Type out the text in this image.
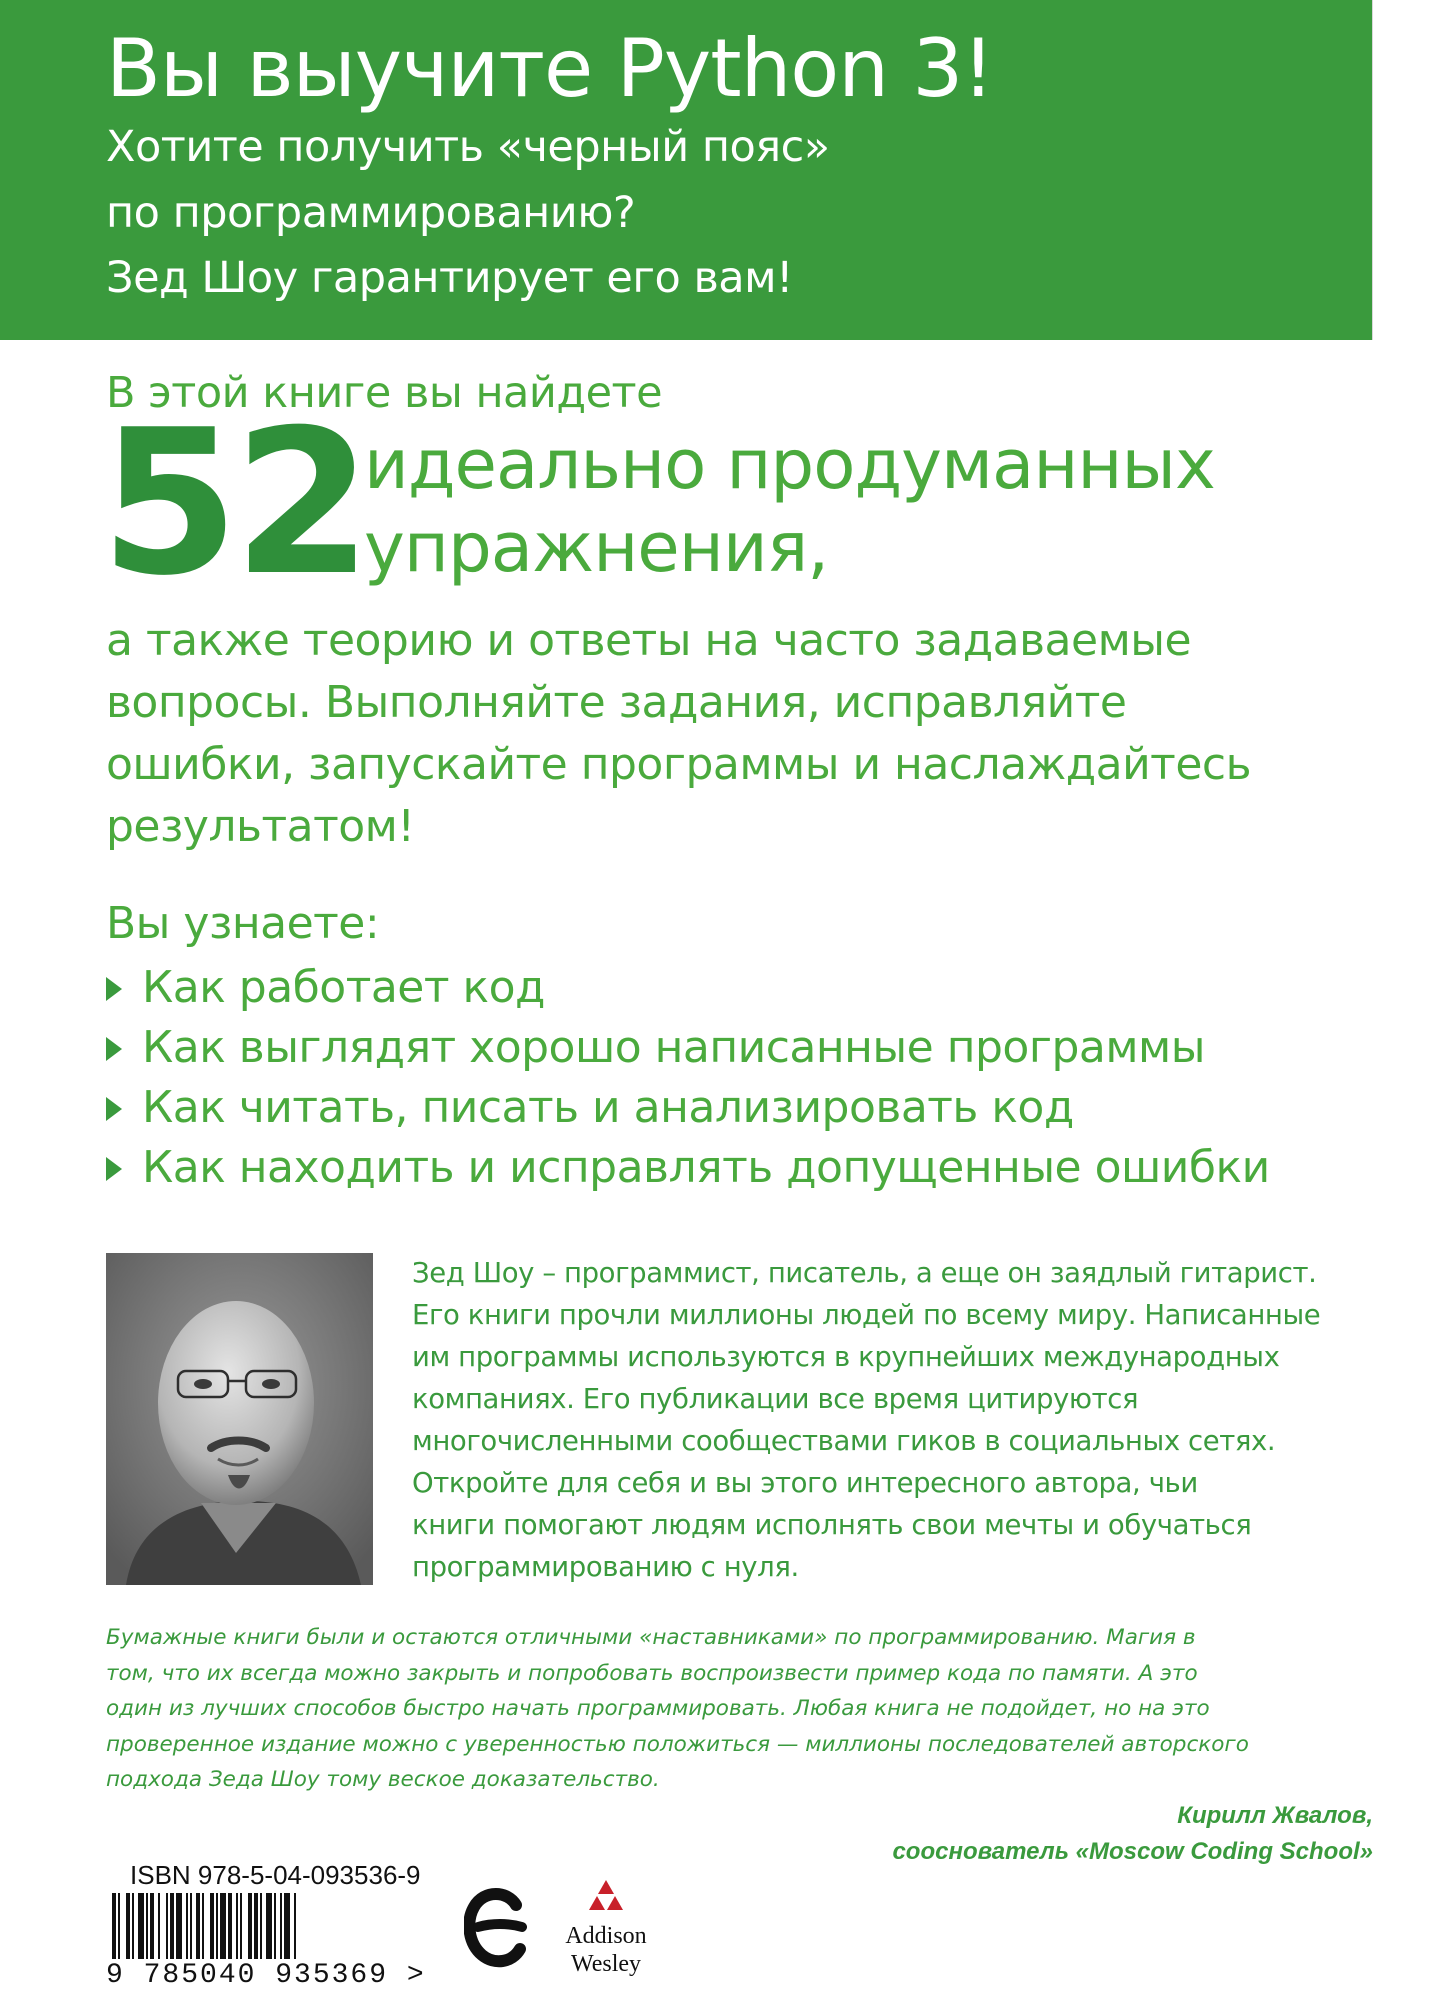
Вы выучите Python 3!
Хотите получить «черный пояс»
по программированию?
Зед Шоу гарантирует его вам!
В этой книге вы найдете
52
идеально продуманных
упражнения,
а также теорию и ответы на часто задаваемые
вопросы. Выполняйте задания, исправляйте
ошибки, запускайте программы и наслаждайтесь
результатом!
Вы узнаете:
Как работает код
Как выглядят хорошо написанные программы
Как читать, писать и анализировать код
Как находить и исправлять допущенные ошибки
Зед Шоу – программист, писатель, а еще он заядлый гитарист.
Его книги прочли миллионы людей по всему миру. Написанные
им программы используются в крупнейших международных
компаниях. Его публикации все время цитируются
многочисленными сообществами гиков в социальных сетях.
Откройте для себя и вы этого интересного автора, чьи
книги помогают людям исполнять свои мечты и обучаться
программированию с нуля.
Бумажные книги были и остаются отличными «наставниками» по программированию. Магия в
том, что их всегда можно закрыть и попробовать воспроизвести пример кода по памяти. А это
один из лучших способов быстро начать программировать. Любая книга не подойдет, но на это
проверенное издание можно с уверенностью положиться — миллионы последователей авторского
подхода Зеда Шоу тому веское доказательство.
Кирилл Жвалов,
сооснователь «Moscow Coding School»
ISBN 978-5-04-093536-9
9 785040 935369 >
Addison
Wesley
